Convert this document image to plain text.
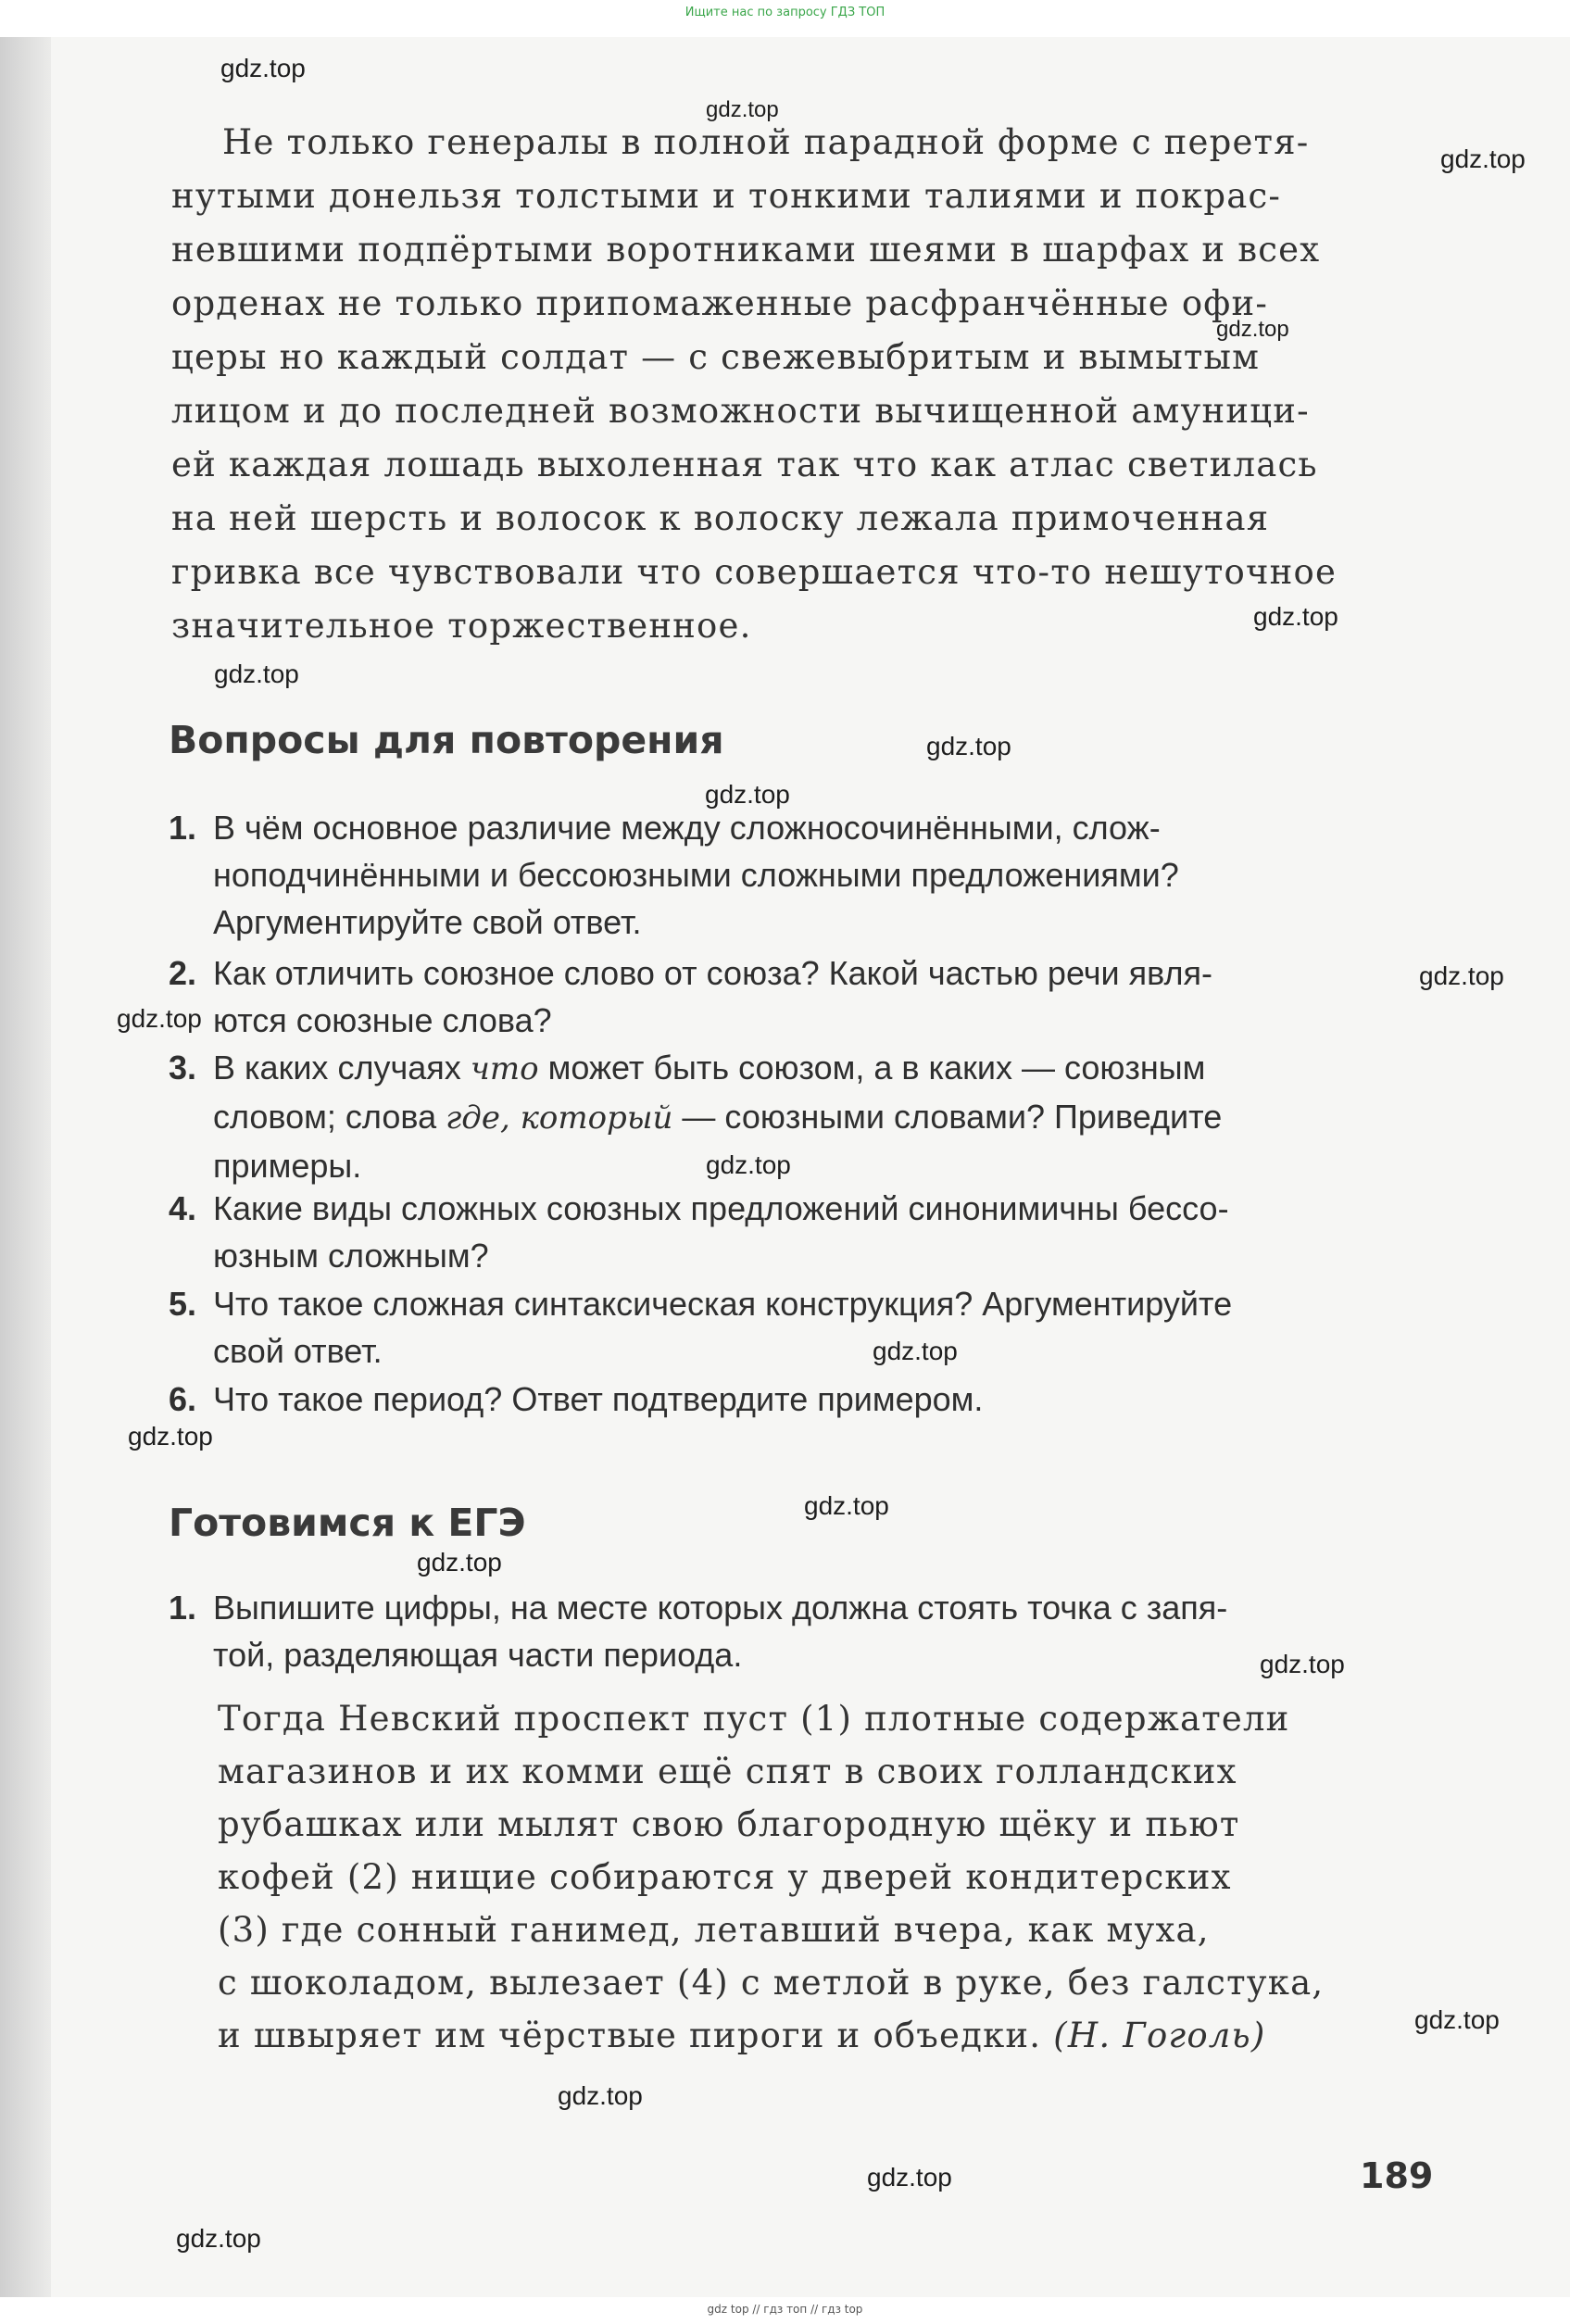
Ищите нас по запросу ГДЗ ТОП
Не только генералы в полной парадной форме с перетя-
нутыми донельзя толстыми и тонкими талиями и покрас-
невшими подпёртыми воротниками шеями в шарфах и всех
орденах не только припомаженные расфранчённые офи-
церы но каждый солдат — с свежевыбритым и вымытым
лицом и до последней возможности вычищенной амуници-
ей каждая лошадь выхоленная так что как атлас светилась
на ней шерсть и волосок к волоску лежала примоченная
гривка все чувствовали что совершается что-то нешуточное
значительное торжественное.
Вопросы для повторения
1. В чём основное различие между сложносочинёнными, слож-
ноподчинёнными и бессоюзными сложными предложениями?
Аргументируйте свой ответ.
2. Как отличить союзное слово от союза? Какой частью речи явля-
ются союзные слова?
3. В каких случаях что может быть союзом, а в каких — союзным
словом; слова где, который — союзными словами? Приведите
примеры.
4. Какие виды сложных союзных предложений синонимичны бессо-
юзным сложным?
5. Что такое сложная синтаксическая конструкция? Аргументируйте
свой ответ.
6. Что такое период? Ответ подтвердите примером.
Готовимся к ЕГЭ
1. Выпишите цифры, на месте которых должна стоять точка с запя-
той, разделяющая части периода.
Тогда Невский проспект пуст (1) плотные содержатели
магазинов и их комми ещё спят в своих голландских
рубашках или мылят свою благородную щёку и пьют
кофей (2) нищие собираются у дверей кондитерских
(3) где сонный ганимед, летавший вчера, как муха,
с шоколадом, вылезает (4) с метлой в руке, без галстука,
и швыряет им чёрствые пироги и объедки. (Н. Гоголь)
189
gdz.top
gdz.top
gdz.top
gdz.top
gdz.top
gdz.top
gdz.top
gdz.top
gdz.top
gdz.top
gdz.top
gdz.top
gdz.top
gdz.top
gdz.top
gdz.top
gdz.top
gdz.top
gdz.top
gdz.top
gdz top // гдз топ // гдз top
